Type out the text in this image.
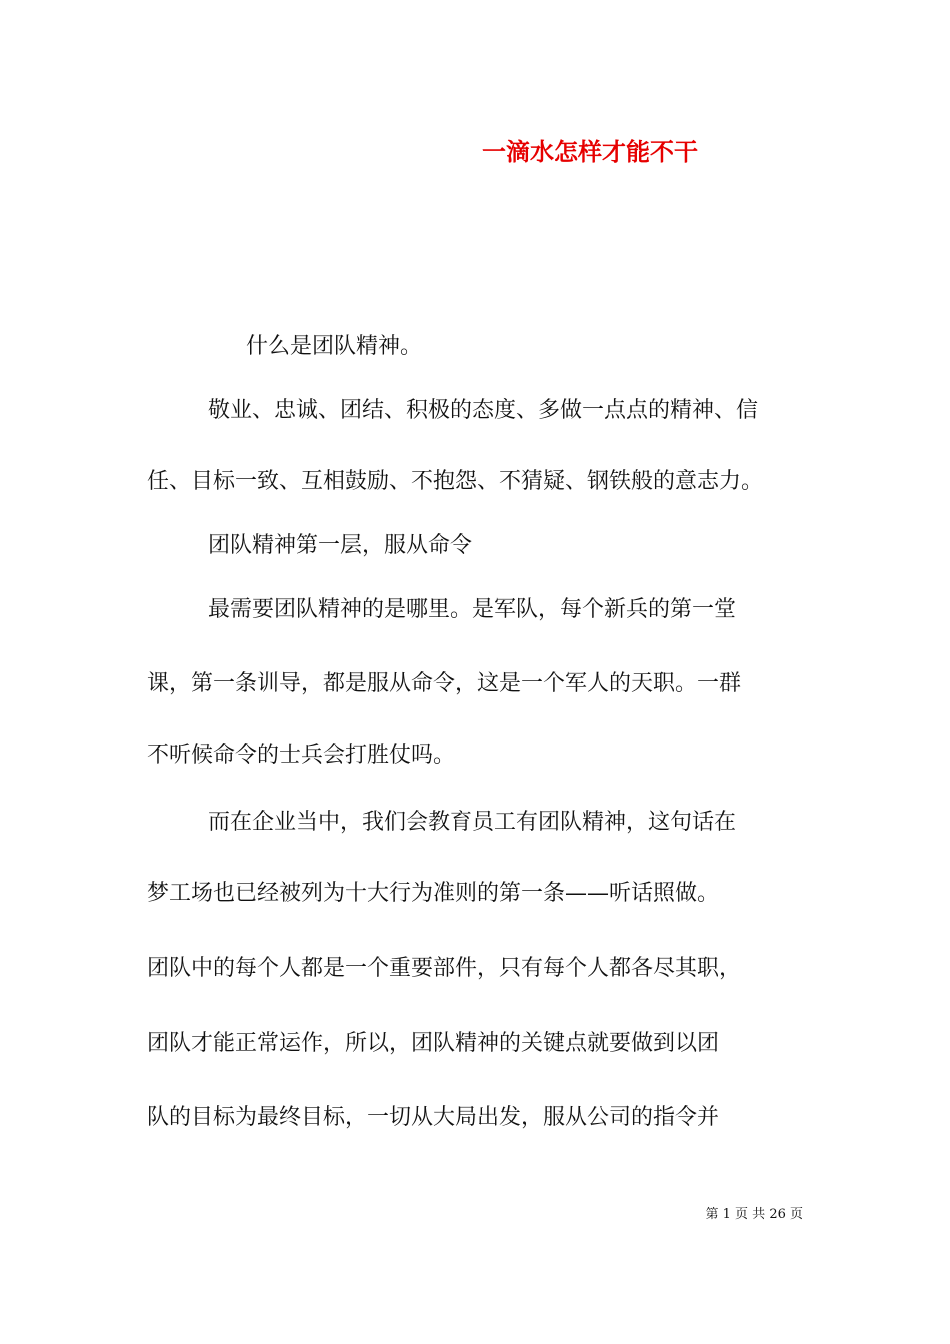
一滴水怎样才能不干
什么是团队精神。
敬业、忠诚、团结、积极的态度、多做一点点的精神、信
任、目标一致、互相鼓励、不抱怨、不猜疑、钢铁般的意志力。
团队精神第一层，服从命令
最需要团队精神的是哪里。是军队，每个新兵的第一堂
课，第一条训导，都是服从命令，这是一个军人的天职。一群
不听候命令的士兵会打胜仗吗。
而在企业当中，我们会教育员工有团队精神，这句话在
梦工场也已经被列为十大行为准则的第一条——听话照做。
团队中的每个人都是一个重要部件，只有每个人都各尽其职，
团队才能正常运作，所以，团队精神的关键点就要做到以团
队的目标为最终目标，一切从大局出发，服从公司的指令并
第 1 页 共 26 页
